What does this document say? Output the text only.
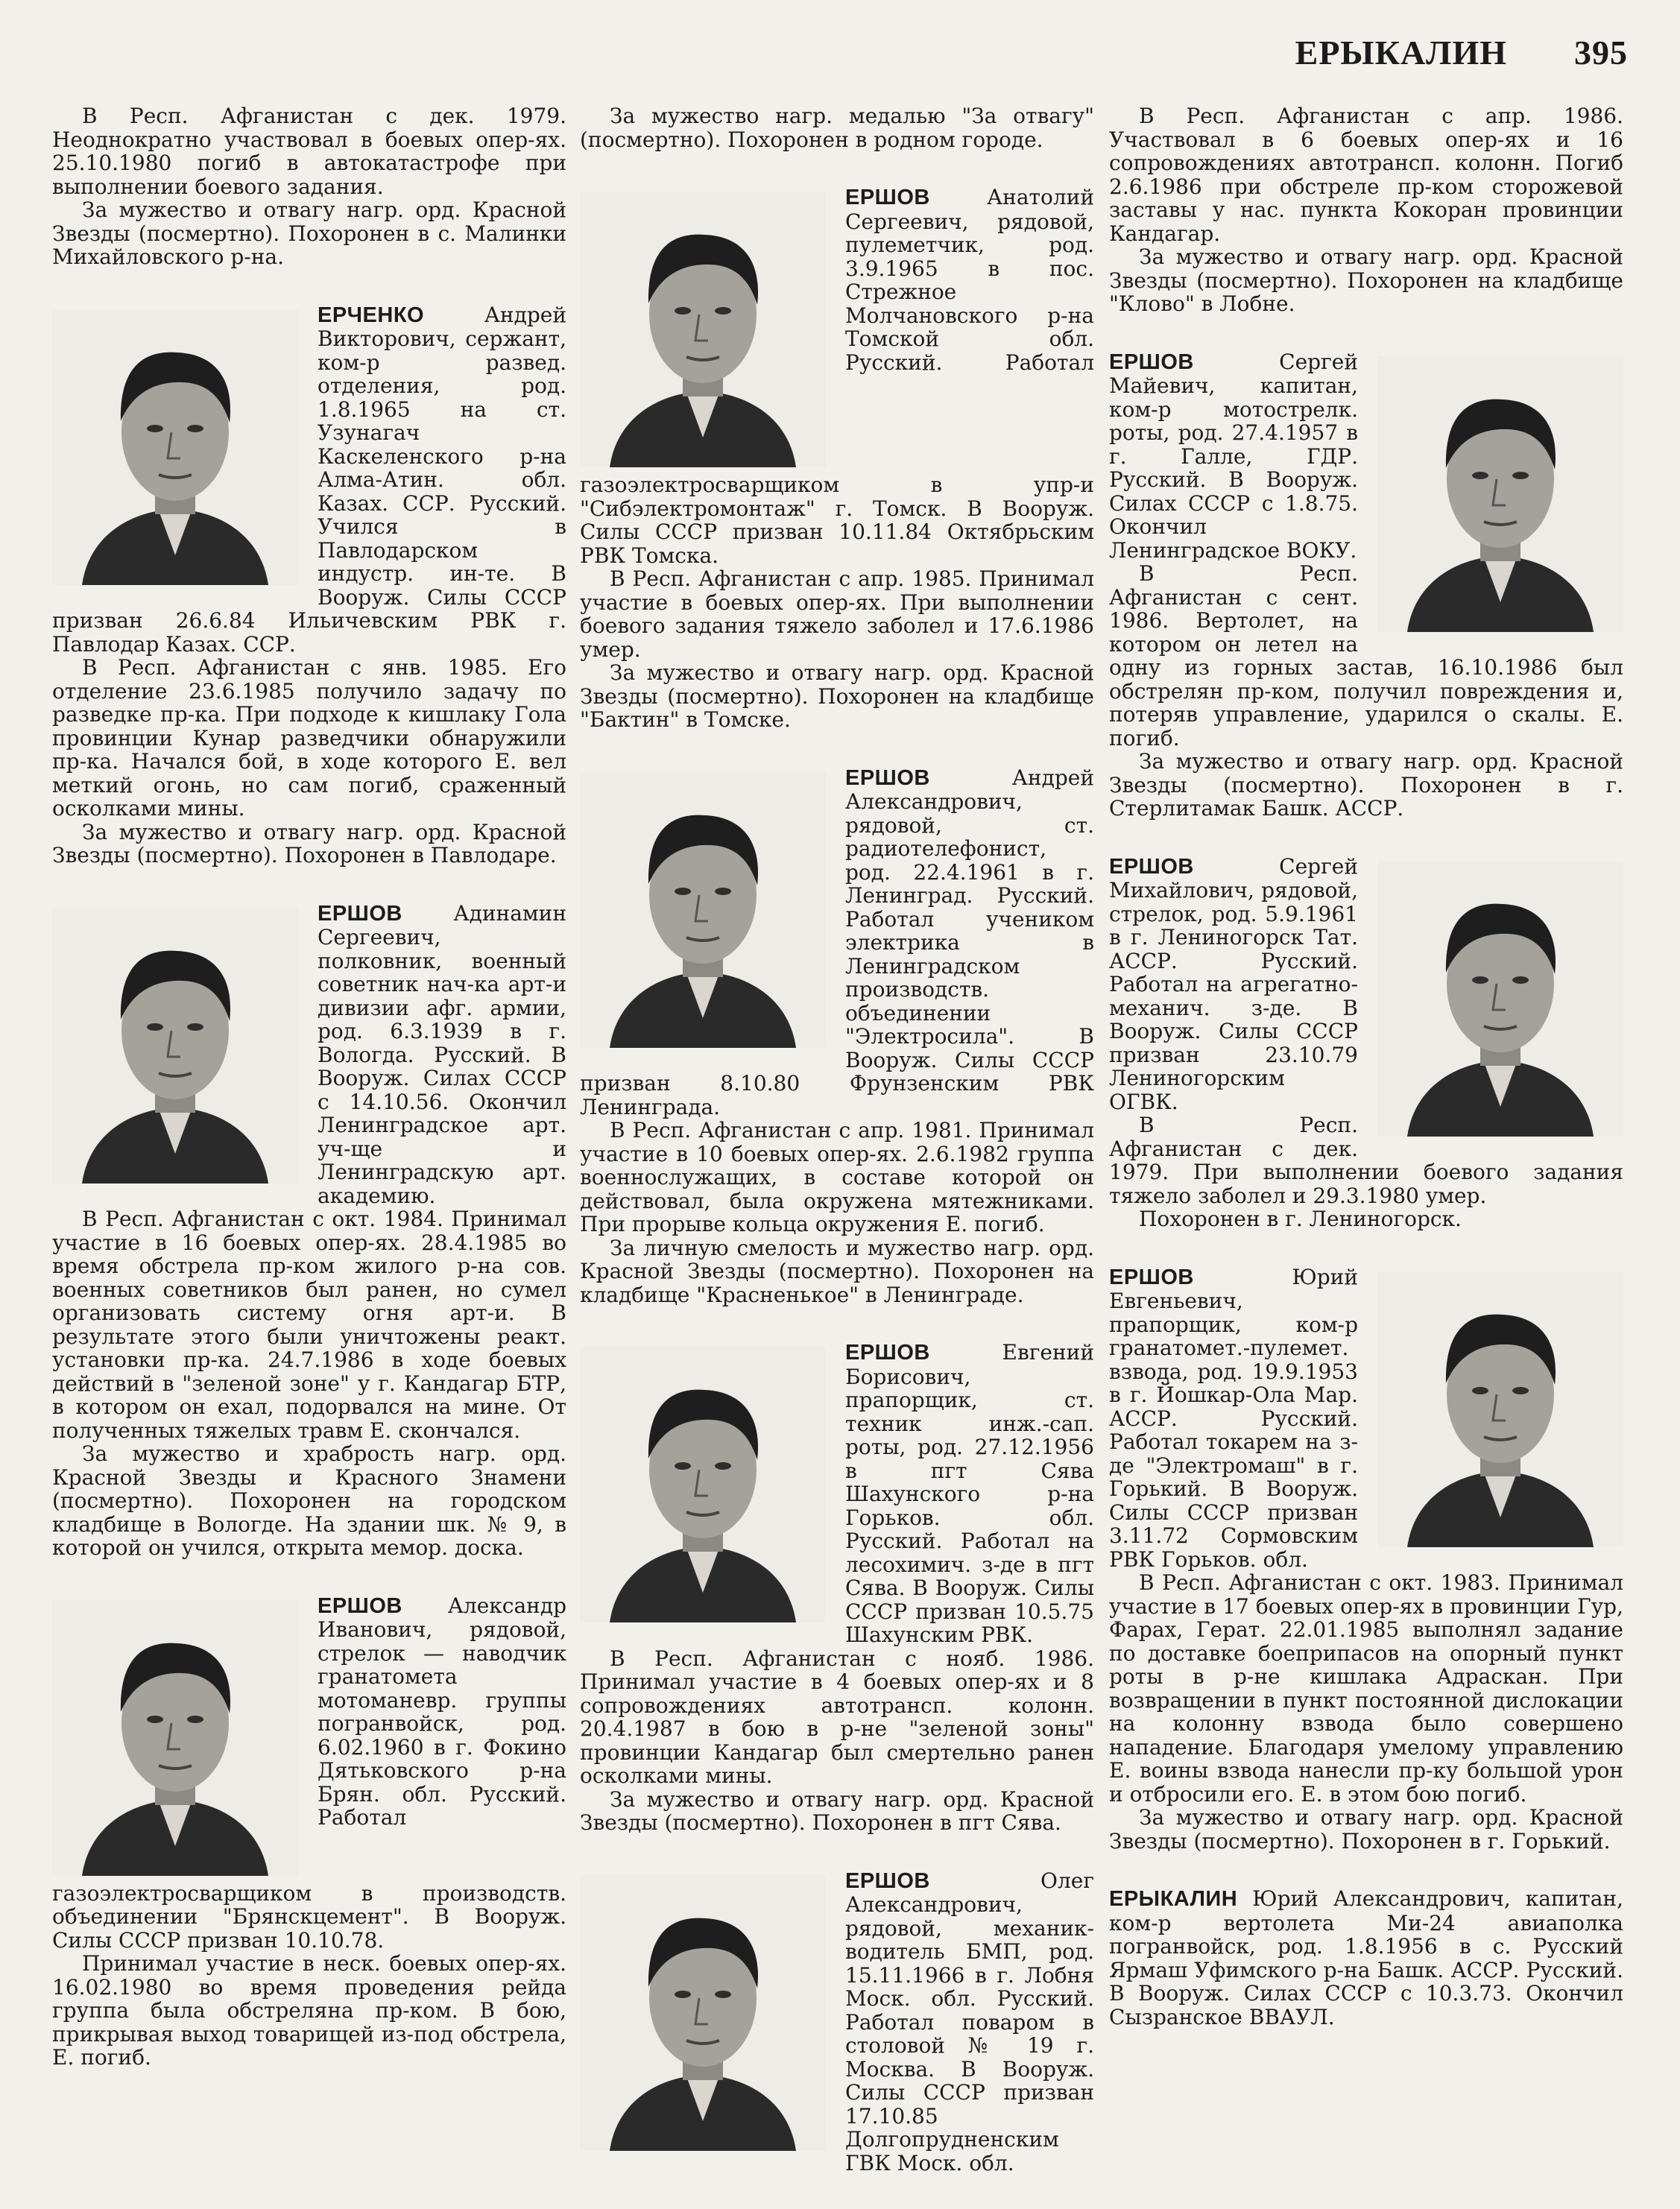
ЕРЫКАЛИН 395

В Респ. Афганистан с дек. 1979. Неоднократно участвовал в боевых опер-ях. 25.10.1980 погиб в автокатастрофе при выполнении боевого задания.

За мужество и отвагу нагр. орд. Красной Звезды (посмертно). Похоронен в с. Малинки Михайловского р-на.

ЕРЧЕНКО Андрей Викторович, сержант, ком-р развед. отделения, род. 1.8.1965 на ст. Узунагач Каскеленского р-на Алма-Атин. обл. Казах. ССР. Русский. Учился в Павлодарском индустр. ин-те. В Вооруж. Силы СССР призван 26.6.84 Ильичевским РВК г. Павлодар Казах. ССР.

В Респ. Афганистан с янв. 1985. Его отделение 23.6.1985 получило задачу по разведке пр-ка. При подходе к кишлаку Гола провинции Кунар разведчики обнаружили пр-ка. Начался бой, в ходе которого Е. вел меткий огонь, но сам погиб, сраженный осколками мины.

За мужество и отвагу нагр. орд. Красной Звезды (посмертно). Похоронен в Павлодаре.

ЕРШОВ Адинамин Сергеевич, полковник, военный советник нач-ка арт-и дивизии афг. армии, род. 6.3.1939 в г. Вологда. Русский. В Вооруж. Силах СССР с 14.10.56. Окончил Ленинградское арт. уч-ще и Ленинградскую арт. академию.

В Респ. Афганистан с окт. 1984. Принимал участие в 16 боевых опер-ях. 28.4.1985 во время обстрела пр-ком жилого р-на сов. военных советников был ранен, но сумел организовать систему огня арт-и. В результате этого были уничтожены реакт. установки пр-ка. 24.7.1986 в ходе боевых действий в "зеленой зоне" у г. Кандагар БТР, в котором он ехал, подорвался на мине. От полученных тяжелых травм Е. скончался.

За мужество и храбрость нагр. орд. Красной Звезды и Красного Знамени (посмертно). Похоронен на городском кладбище в Вологде. На здании шк. № 9, в которой он учился, открыта мемор. доска.

ЕРШОВ Александр Иванович, рядовой, стрелок — наводчик гранатомета мотоманевр. группы погранвойск, род. 6.02.1960 в г. Фокино Дятьковского р-на Брян. обл. Русский. Работал газоэлектросварщиком в производств. объединении "Брянскцемент". В Вооруж. Силы СССР призван 10.10.78.

Принимал участие в неск. боевых опер-ях. 16.02.1980 во время проведения рейда группа была обстреляна пр-ком. В бою, прикрывая выход товарищей из-под обстрела, Е. погиб.

За мужество нагр. медалью "За отвагу" (посмертно). Похоронен в родном городе.

ЕРШОВ Анатолий Сергеевич, рядовой, пулеметчик, род. 3.9.1965 в пос. Стрежное Молчановского р-на Томской обл. Русский. Работал газоэлектросварщиком в упр-и "Сибэлектромонтаж" г. Томск. В Вооруж. Силы СССР призван 10.11.84 Октябрьским РВК Томска.

В Респ. Афганистан с апр. 1985. Принимал участие в боевых опер-ях. При выполнении боевого задания тяжело заболел и 17.6.1986 умер.

За мужество и отвагу нагр. орд. Красной Звезды (посмертно). Похоронен на кладбище "Бактин" в Томске.

ЕРШОВ Андрей Александрович, рядовой, ст. радиотелефонист, род. 22.4.1961 в г. Ленинград. Русский. Работал учеником электрика в Ленинградском производств. объединении "Электросила". В Вооруж. Силы СССР призван 8.10.80 Фрунзенским РВК Ленинграда.

В Респ. Афганистан с апр. 1981. Принимал участие в 10 боевых опер-ях. 2.6.1982 группа военнослужащих, в составе которой он действовал, была окружена мятежниками. При прорыве кольца окружения Е. погиб.

За личную смелость и мужество нагр. орд. Красной Звезды (посмертно). Похоронен на кладбище "Красненькое" в Ленинграде.

ЕРШОВ Евгений Борисович, прапорщик, ст. техник инж.-сап. роты, род. 27.12.1956 в пгт Сява Шахунского р-на Горьков. обл. Русский. Работал на лесохимич. з-де в пгт Сява. В Вооруж. Силы СССР призван 10.5.75 Шахунским РВК.

В Респ. Афганистан с нояб. 1986. Принимал участие в 4 боевых опер-ях и 8 сопровождениях автотрансп. колонн. 20.4.1987 в бою в р-не "зеленой зоны" провинции Кандагар был смертельно ранен осколками мины.

За мужество и отвагу нагр. орд. Красной Звезды (посмертно). Похоронен в пгт Сява.

ЕРШОВ Олег Александрович, рядовой, механик-водитель БМП, род. 15.11.1966 в г. Лобня Моск. обл. Русский. Работал поваром в столовой № 19 г. Москва. В Вооруж. Силы СССР призван 17.10.85 Долгопрудненским ГВК Моск. обл.

В Респ. Афганистан с апр. 1986. Участвовал в 6 боевых опер-ях и 16 сопровождениях автотрансп. колонн. Погиб 2.6.1986 при обстреле пр-ком сторожевой заставы у нас. пункта Кокоран провинции Кандагар.

За мужество и отвагу нагр. орд. Красной Звезды (посмертно). Похоронен на кладбище "Клово" в Лобне.

ЕРШОВ Сергей Майевич, капитан, ком-р мотострелк. роты, род. 27.4.1957 в г. Галле, ГДР. Русский. В Вооруж. Силах СССР с 1.8.75. Окончил Ленинградское ВОКУ.

В Респ. Афганистан с сент. 1986. Вертолет, на котором он летел на одну из горных застав, 16.10.1986 был обстрелян пр-ком, получил повреждения и, потеряв управление, ударился о скалы. Е. погиб.

За мужество и отвагу нагр. орд. Красной Звезды (посмертно). Похоронен в г. Стерлитамак Башк. АССР.

ЕРШОВ Сергей Михайлович, рядовой, стрелок, род. 5.9.1961 в г. Лениногорск Тат. АССР. Русский. Работал на агрегатно-механич. з-де. В Вооруж. Силы СССР призван 23.10.79 Лениногорским ОГВК.

В Респ. Афганистан с дек. 1979. При выполнении боевого задания тяжело заболел и 29.3.1980 умер.

Похоронен в г. Лениногорск.

ЕРШОВ Юрий Евгеньевич, прапорщик, ком-р гранатомет.-пулемет. взвода, род. 19.9.1953 в г. Йошкар-Ола Мар. АССР. Русский. Работал токарем на з-де "Электромаш" в г. Горький. В Вооруж. Силы СССР призван 3.11.72 Сормовским РВК Горьков. обл.

В Респ. Афганистан с окт. 1983. Принимал участие в 17 боевых опер-ях в провинции Гур, Фарах, Герат. 22.01.1985 выполнял задание по доставке боеприпасов на опорный пункт роты в р-не кишлака Адраскан. При возвращении в пункт постоянной дислокации на колонну взвода было совершено нападение. Благодаря умелому управлению Е. воины взвода нанесли пр-ку большой урон и отбросили его. Е. в этом бою погиб.

За мужество и отвагу нагр. орд. Красной Звезды (посмертно). Похоронен в г. Горький.

ЕРЫКАЛИН Юрий Александрович, капитан, ком-р вертолета Ми-24 авиаполка погранвойск, род. 1.8.1956 в с. Русский Ярмаш Уфимского р-на Башк. АССР. Русский. В Вооруж. Силах СССР с 10.3.73. Окончил Сызранское ВВАУЛ.
